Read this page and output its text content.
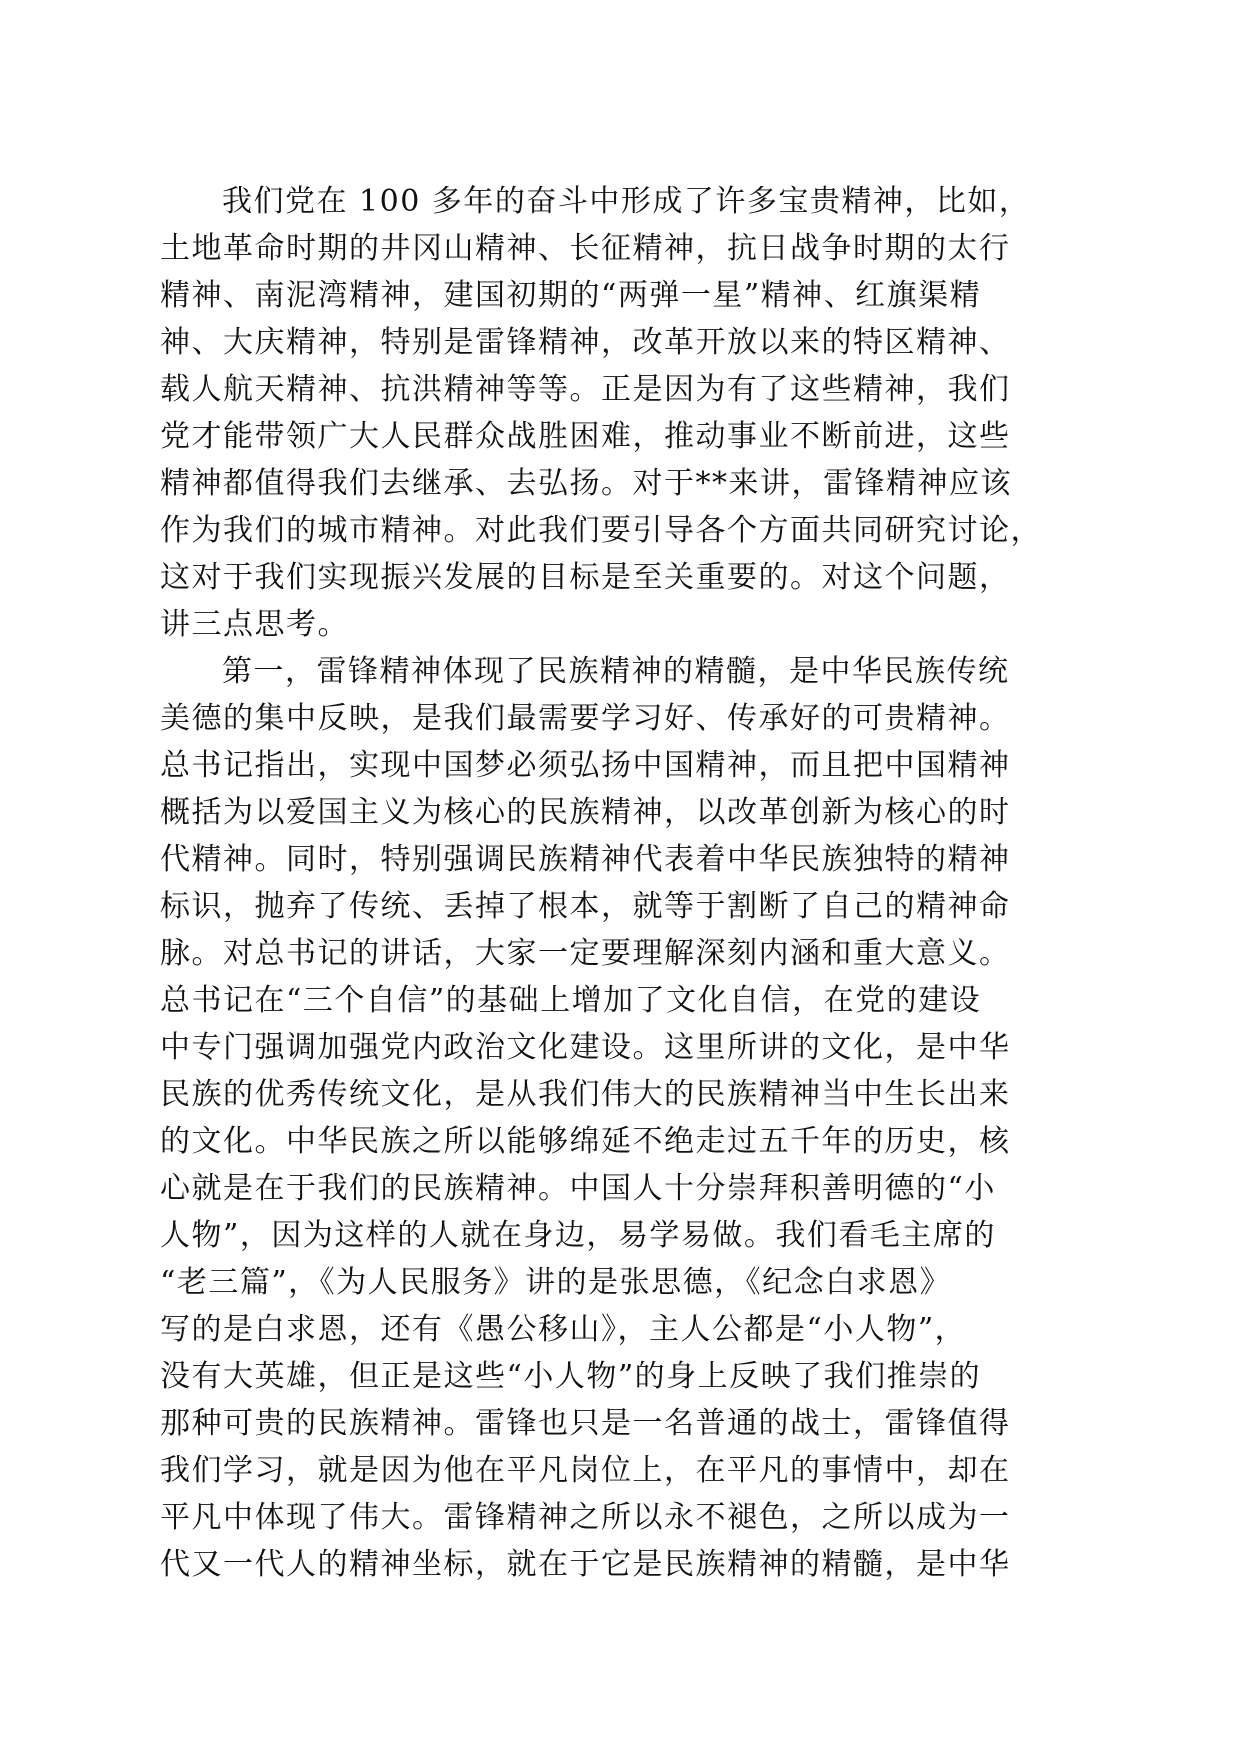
我们党在 100 多年的奋斗中形成了许多宝贵精神，比如，
土地革命时期的井冈山精神、长征精神，抗日战争时期的太行
精神、南泥湾精神，建国初期的“两弹一星”精神、红旗渠精
神、大庆精神，特别是雷锋精神，改革开放以来的特区精神、
载人航天精神、抗洪精神等等。正是因为有了这些精神，我们
党才能带领广大人民群众战胜困难，推动事业不断前进，这些
精神都值得我们去继承、去弘扬。对于**来讲，雷锋精神应该
作为我们的城市精神。对此我们要引导各个方面共同研究讨论，
这对于我们实现振兴发展的目标是至关重要的。对这个问题，
讲三点思考。
第一，雷锋精神体现了民族精神的精髓，是中华民族传统
美德的集中反映，是我们最需要学习好、传承好的可贵精神。
总书记指出，实现中国梦必须弘扬中国精神，而且把中国精神
概括为以爱国主义为核心的民族精神，以改革创新为核心的时
代精神。同时，特别强调民族精神代表着中华民族独特的精神
标识，抛弃了传统、丢掉了根本，就等于割断了自己的精神命
脉。对总书记的讲话，大家一定要理解深刻内涵和重大意义。
总书记在“三个自信”的基础上增加了文化自信，在党的建设
中专门强调加强党内政治文化建设。这里所讲的文化，是中华
民族的优秀传统文化，是从我们伟大的民族精神当中生长出来
的文化。中华民族之所以能够绵延不绝走过五千年的历史，核
心就是在于我们的民族精神。中国人十分崇拜积善明德的“小
人物”，因为这样的人就在身边，易学易做。我们看毛主席的
“老三篇”，《为人民服务》讲的是张思德，《纪念白求恩》
写的是白求恩，还有《愚公移山》，主人公都是“小人物”，
没有大英雄，但正是这些“小人物”的身上反映了我们推崇的
那种可贵的民族精神。雷锋也只是一名普通的战士，雷锋值得
我们学习，就是因为他在平凡岗位上，在平凡的事情中，却在
平凡中体现了伟大。雷锋精神之所以永不褪色，之所以成为一
代又一代人的精神坐标，就在于它是民族精神的精髓，是中华
